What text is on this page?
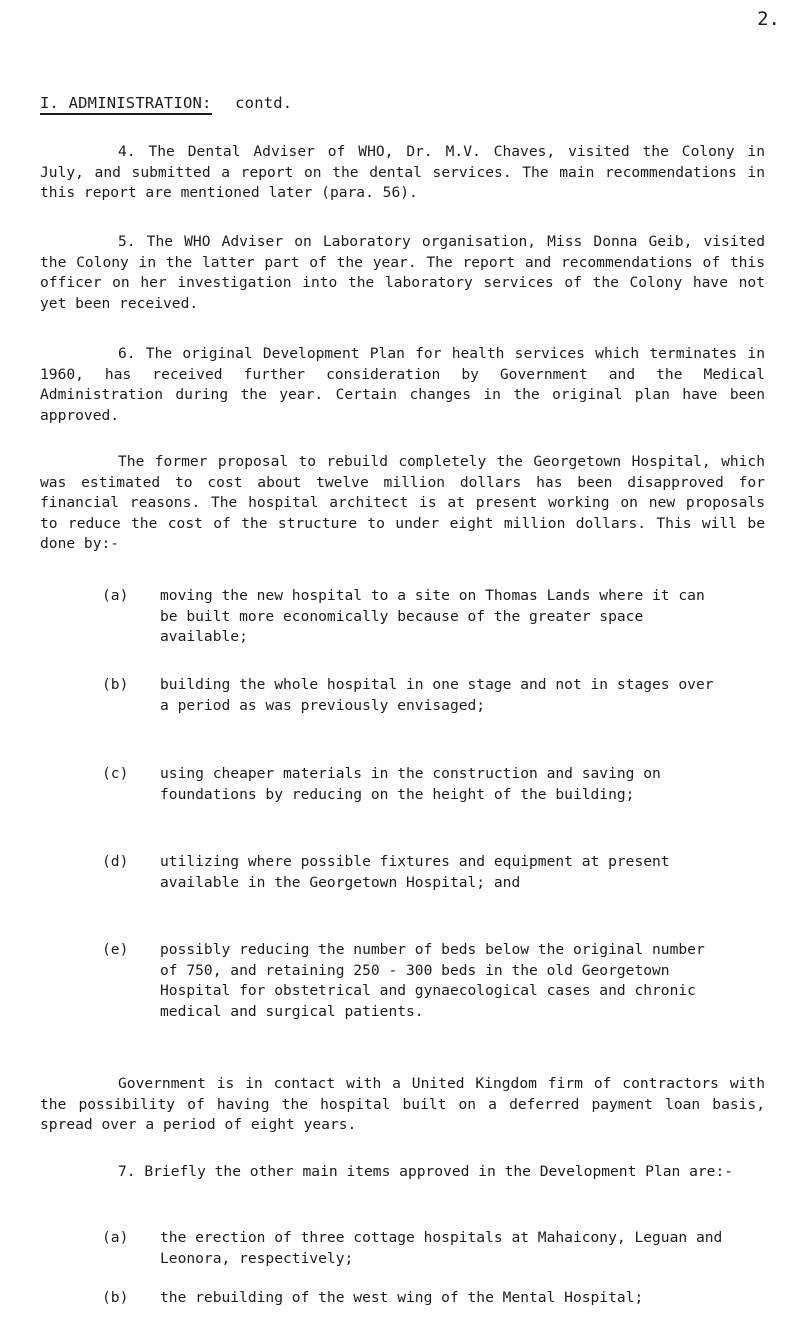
2.
I. ADMINISTRATION: contd.
4. The Dental Adviser of WHO, Dr. M.V. Chaves, visited the Colony in July, and submitted a report on the dental services. The main recommendations in this report are mentioned later (para. 56).
5. The WHO Adviser on Laboratory organisation, Miss Donna Geib, visited the Colony in the latter part of the year. The report and recommendations of this officer on her investigation into the laboratory services of the Colony have not yet been received.
6. The original Development Plan for health services which terminates in 1960, has received further consideration by Government and the Medical Administration during the year. Certain changes in the original plan have been approved.
The former proposal to rebuild completely the Georgetown Hospital, which was estimated to cost about twelve million dollars has been disapproved for financial reasons. The hospital architect is at present working on new proposals to reduce the cost of the structure to under eight million dollars. This will be done by:-
(a) moving the new hospital to a site on Thomas Lands where it can be built more economically because of the greater space available;
(b) building the whole hospital in one stage and not in stages over a period as was previously envisaged;
(c) using cheaper materials in the construction and saving on foundations by reducing on the height of the building;
(d) utilizing where possible fixtures and equipment at present available in the Georgetown Hospital; and
(e) possibly reducing the number of beds below the original number of 750, and retaining 250 - 300 beds in the old Georgetown Hospital for obstetrical and gynaecological cases and chronic medical and surgical patients.
Government is in contact with a United Kingdom firm of contractors with the possibility of having the hospital built on a deferred payment loan basis, spread over a period of eight years.
7. Briefly the other main items approved in the Development Plan are:-
(a) the erection of three cottage hospitals at Mahaicony, Leguan and Leonora, respectively;
(b) the rebuilding of the west wing of the Mental Hospital;
